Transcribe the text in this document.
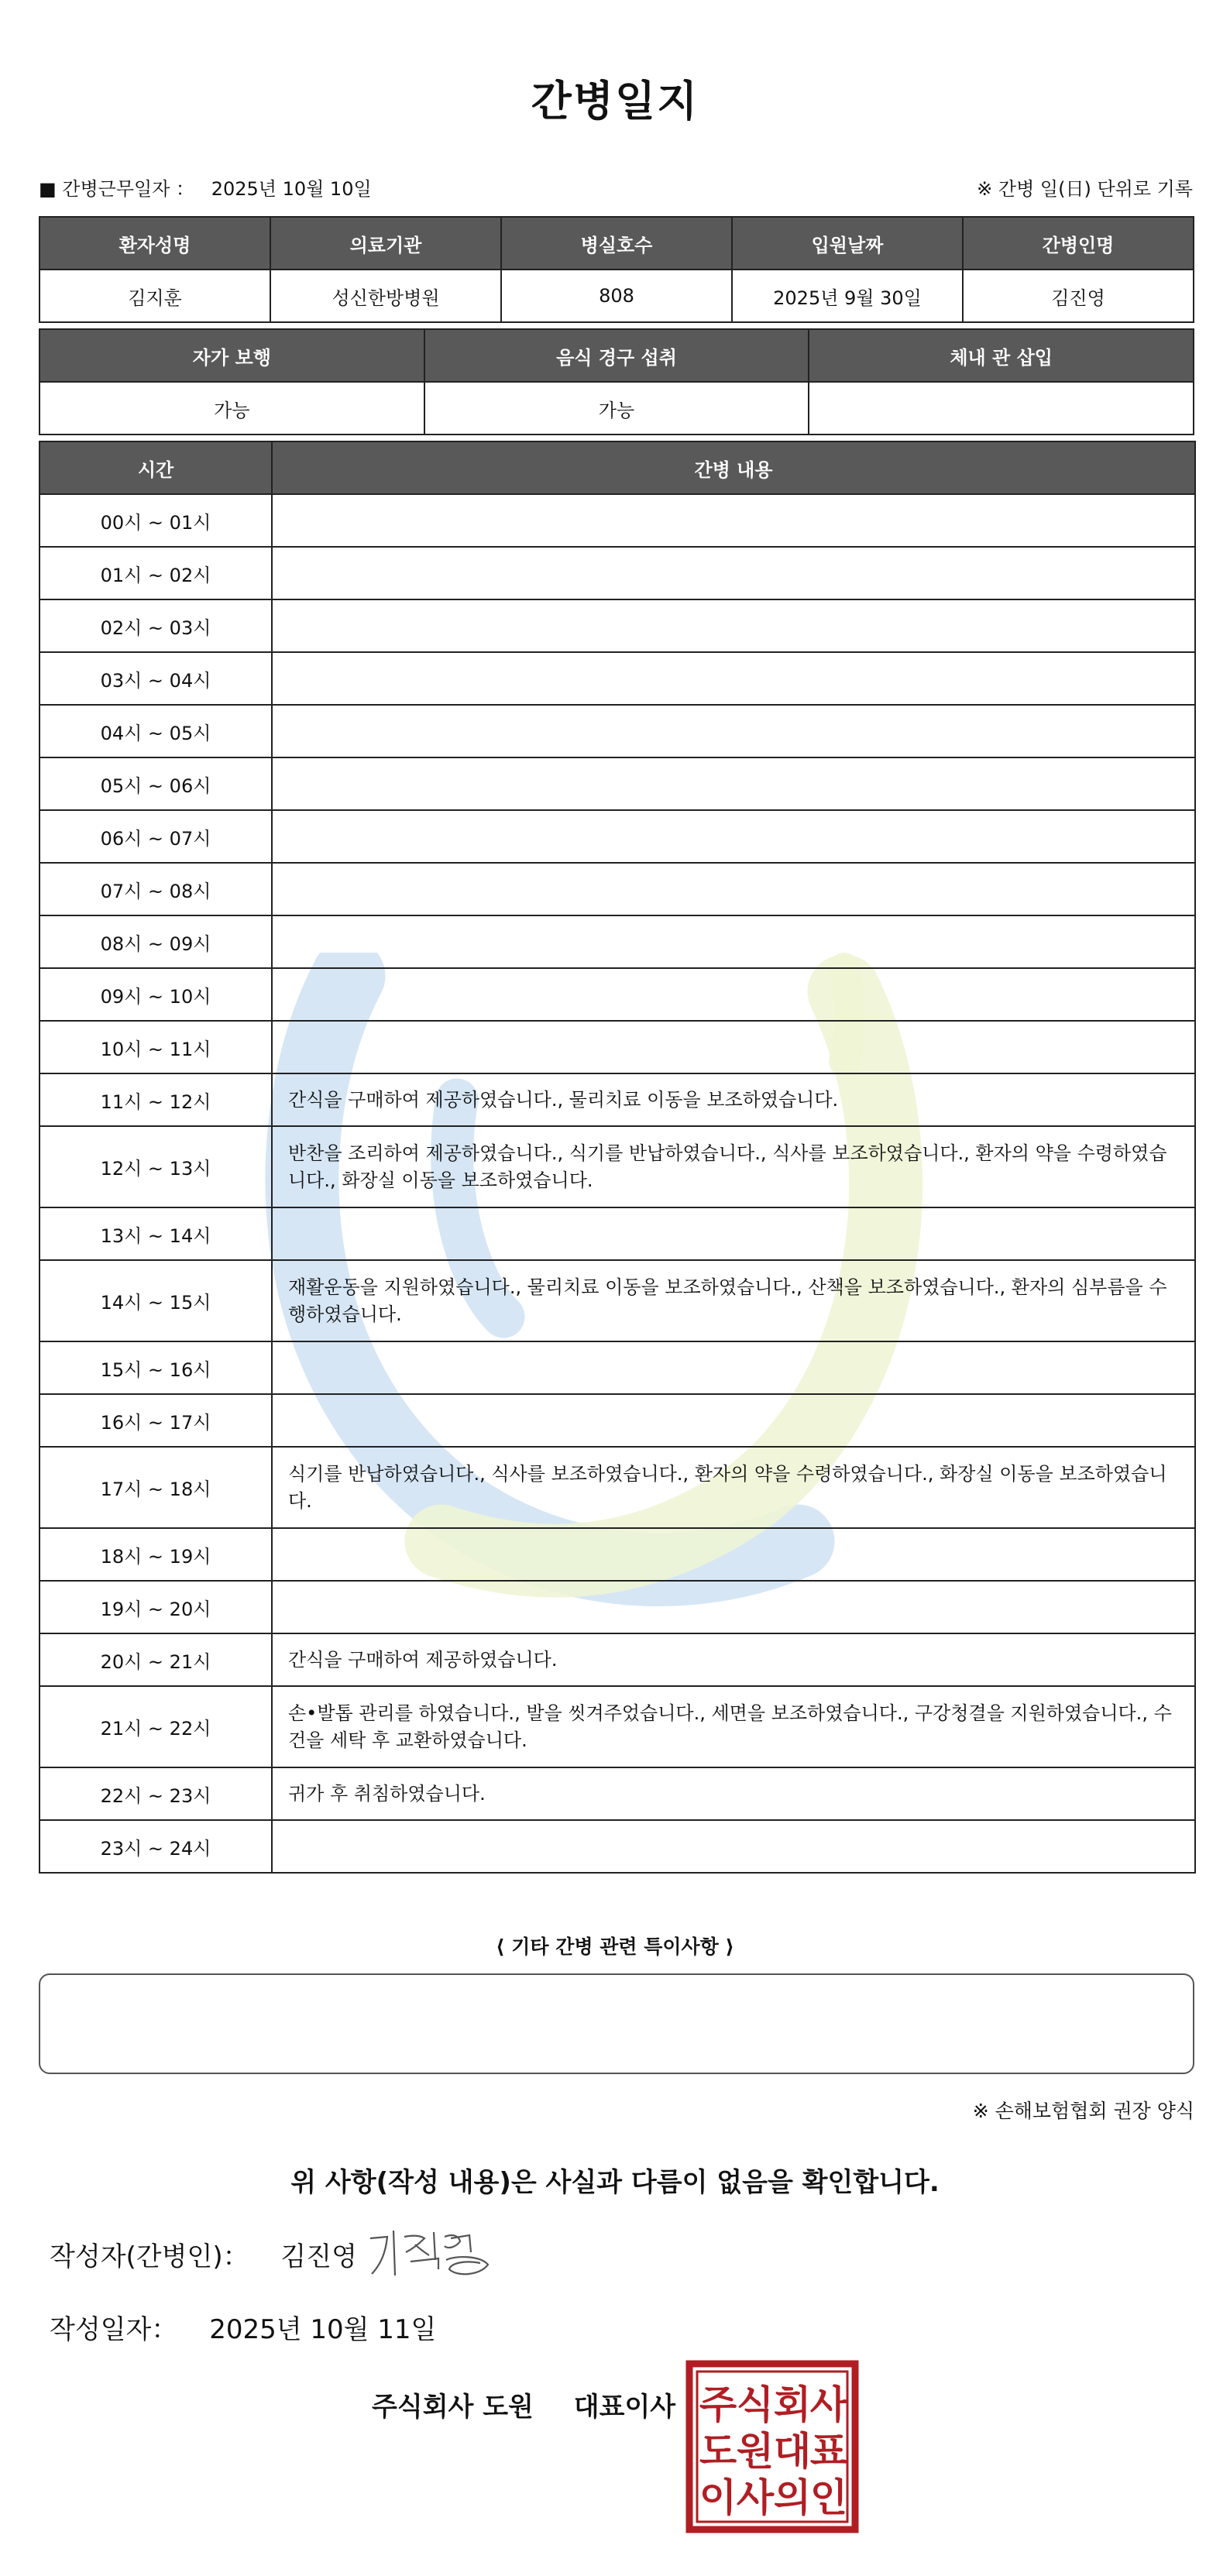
간병일지
■ 간병근무일자 ： 2025년 10월 10일	※ 간병 일(日) 단위로 기록
환자성명	의료기관	병실호수	입원날짜	간병인명
김지훈	성신한방병원	808	2025년 9월 30일	김진영
자가 보행	음식 경구 섭취	체내 관 삽입
가능	가능	
시간	간병 내용
00시 ~ 01시	
01시 ~ 02시	
02시 ~ 03시	
03시 ~ 04시	
04시 ~ 05시	
05시 ~ 06시	
06시 ~ 07시	
07시 ~ 08시	
08시 ~ 09시	
09시 ~ 10시	
10시 ~ 11시	
11시 ~ 12시	간식을 구매하여 제공하였습니다., 물리치료 이동을 보조하였습니다.
12시 ~ 13시	반찬을 조리하여 제공하였습니다., 식기를 반납하였습니다., 식사를 보조하였습니다., 환자의 약을 수령하였습니다., 화장실 이동을 보조하였습니다.
13시 ~ 14시	
14시 ~ 15시	재활운동을 지원하였습니다., 물리치료 이동을 보조하였습니다., 산책을 보조하였습니다., 환자의 심부름을 수행하였습니다.
15시 ~ 16시	
16시 ~ 17시	
17시 ~ 18시	식기를 반납하였습니다., 식사를 보조하였습니다., 환자의 약을 수령하였습니다., 화장실 이동을 보조하였습니다.
18시 ~ 19시	
19시 ~ 20시	
20시 ~ 21시	간식을 구매하여 제공하였습니다.
21시 ~ 22시	손•발톱 관리를 하였습니다., 발을 씻겨주었습니다., 세면을 보조하였습니다., 구강청결을 지원하였습니다., 수건을 세탁 후 교환하였습니다.
22시 ~ 23시	귀가 후 취침하였습니다.
23시 ~ 24시	
⟨ 기타 간병 관련 특이사항 ⟩
※ 손해보험협회 권장 양식
위 사항(작성 내용)은 사실과 다름이 없음을 확인합니다.
작성자(간병인)： 김진영
작성일자： 2025년 10월 11일
주식회사 도원 대표이사 주 식 회
사
도 원 대
표
이 사 의
인
